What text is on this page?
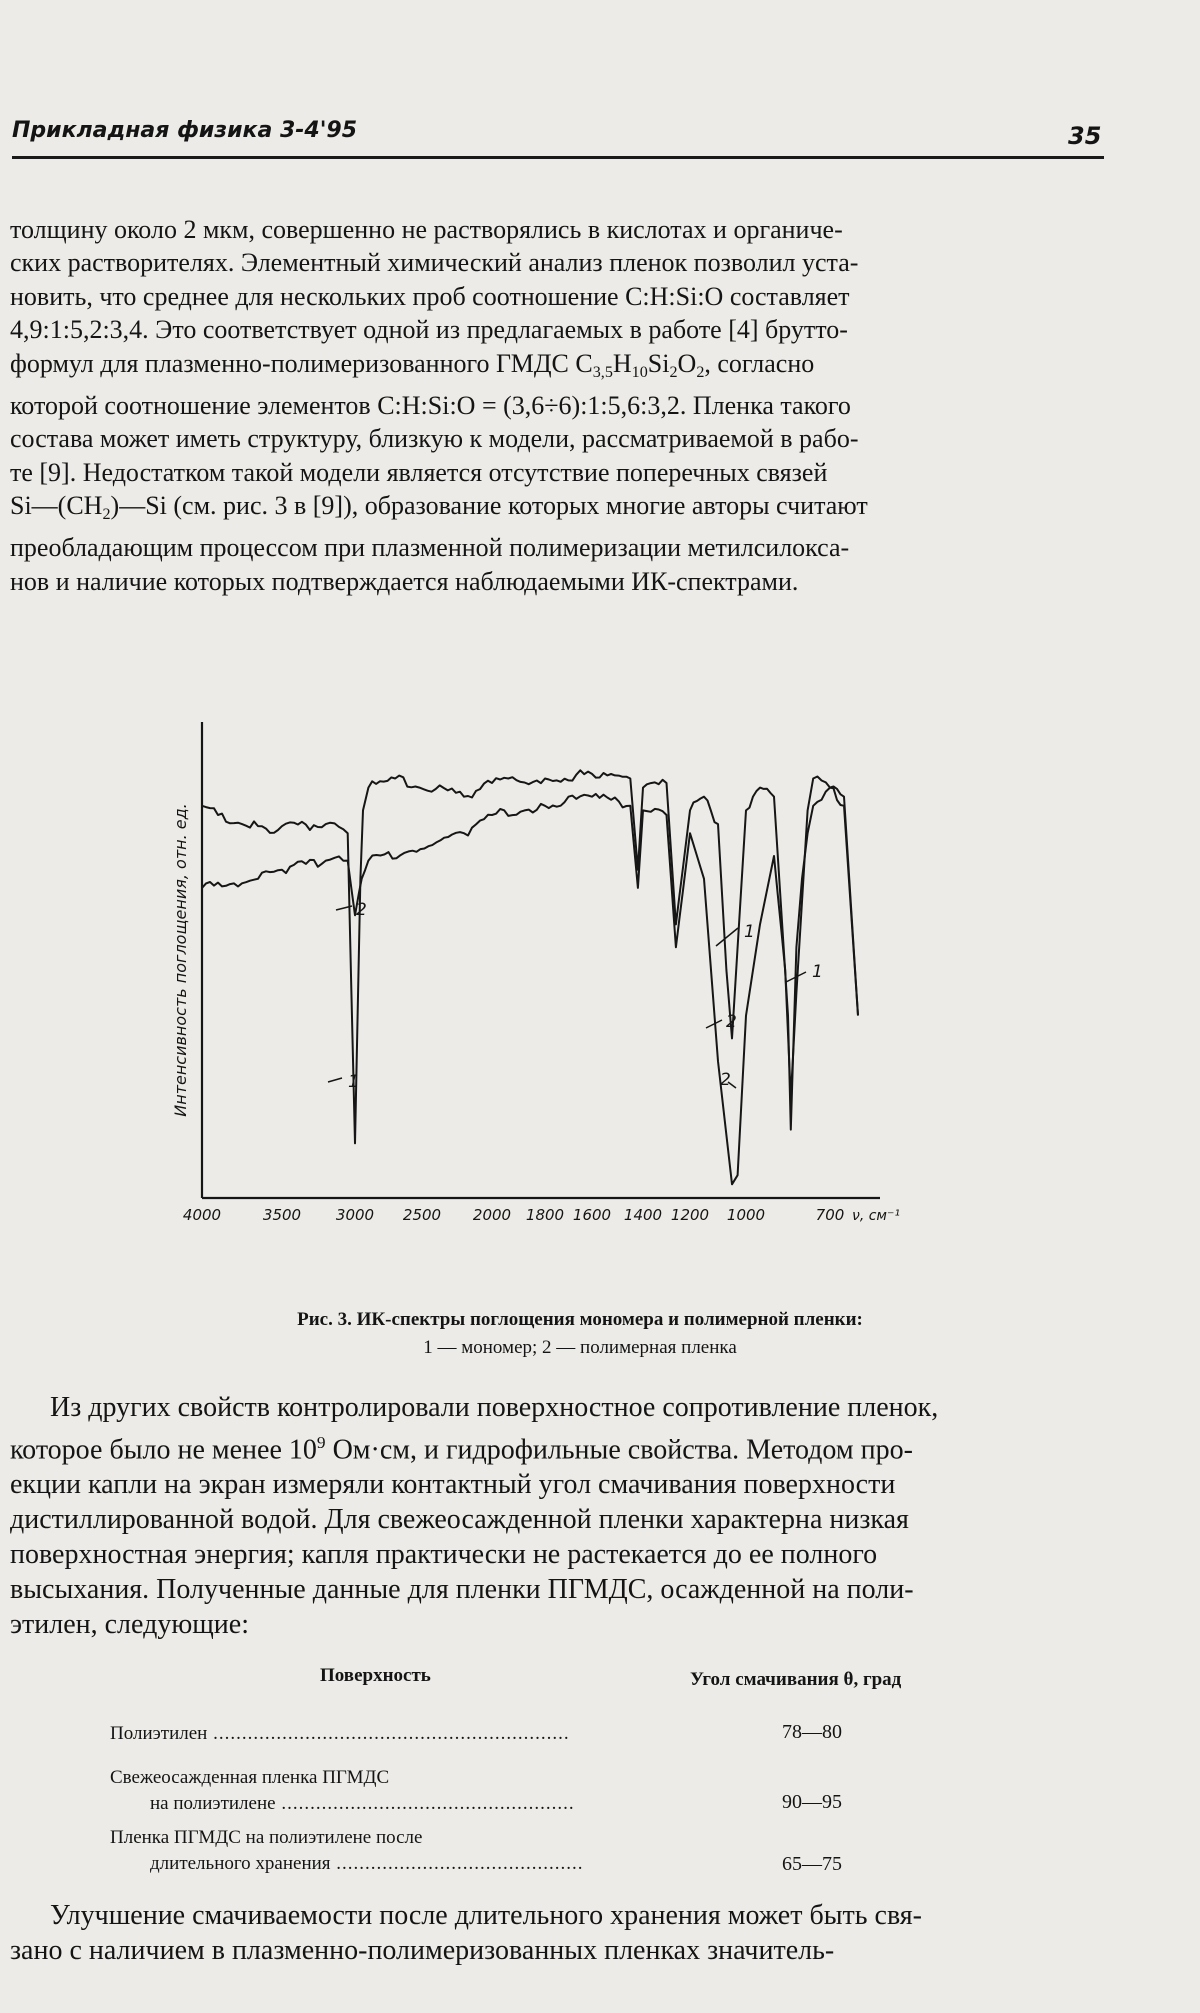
Прикладная физика 3-4'95	35

толщину около 2 мкм, совершенно не растворялись в кислотах и органиче-

ских растворителях. Элементный химический анализ пленок позволил уста-

новить, что среднее для нескольких проб соотношение C:H:Si:O составляет

4,9:1:5,2:3,4. Это соответствует одной из предлагаемых в работе [4] брутто-

формул для плазменно-полимеризованного ГМДС $C_{3,5}H_{10}Si_2O_2$, согласно

которой соотношение элементов C:H:Si:O = (3,6÷6):1:5,6:3,2. Пленка такого

состава может иметь структуру, близкую к модели, рассматриваемой в рабо-

те [9]. Недостатком такой модели является отсутствие поперечных связей

$Si—(CH_2)—Si$ (см. рис. 3 в [9]), образование которых многие авторы считают

преобладающим процессом при плазменной полимеризации метилсилокса-

нов и наличие которых подтверждается наблюдаемыми ИК-спектрами.

4000	3500 3000 2500 2000 1800 1600 1400 1200 1000	700 ν, см⁻¹
Интенсивность поглощения, отн. ед.	1
2
1
2
2
1
Рис. 3. ИК-спектры поглощения мономера и полимерной пленки:
1 — мономер; 2 — полимерная пленка

Из других свойств контролировали поверхностное сопротивление пленок,

которое было не менее $10^9$ Ом·см, и гидрофильные свойства. Методом про-

екции капли на экран измеряли контактный угол смачивания поверхности

дистиллированной водой. Для свежеосажденной пленки характерна низкая

поверхностная энергия; капля практически не растекается до ее полного

высыхания. Полученные данные для пленки ПГМДС, осажденной на поли-

этилен, следующие:

Поверхность	Угол смачивания θ, град
Полиэтилен ..............................................................	78—80
Свежеосажденная пленка ПГМДС
на полиэтилене ...................................................	90—95
Пленка ПГМДС на полиэтилене после
длительного хранения ...........................................	65—75

Улучшение смачиваемости после длительного хранения может быть свя-

зано с наличием в плазменно-полимеризованных пленках значитель-
